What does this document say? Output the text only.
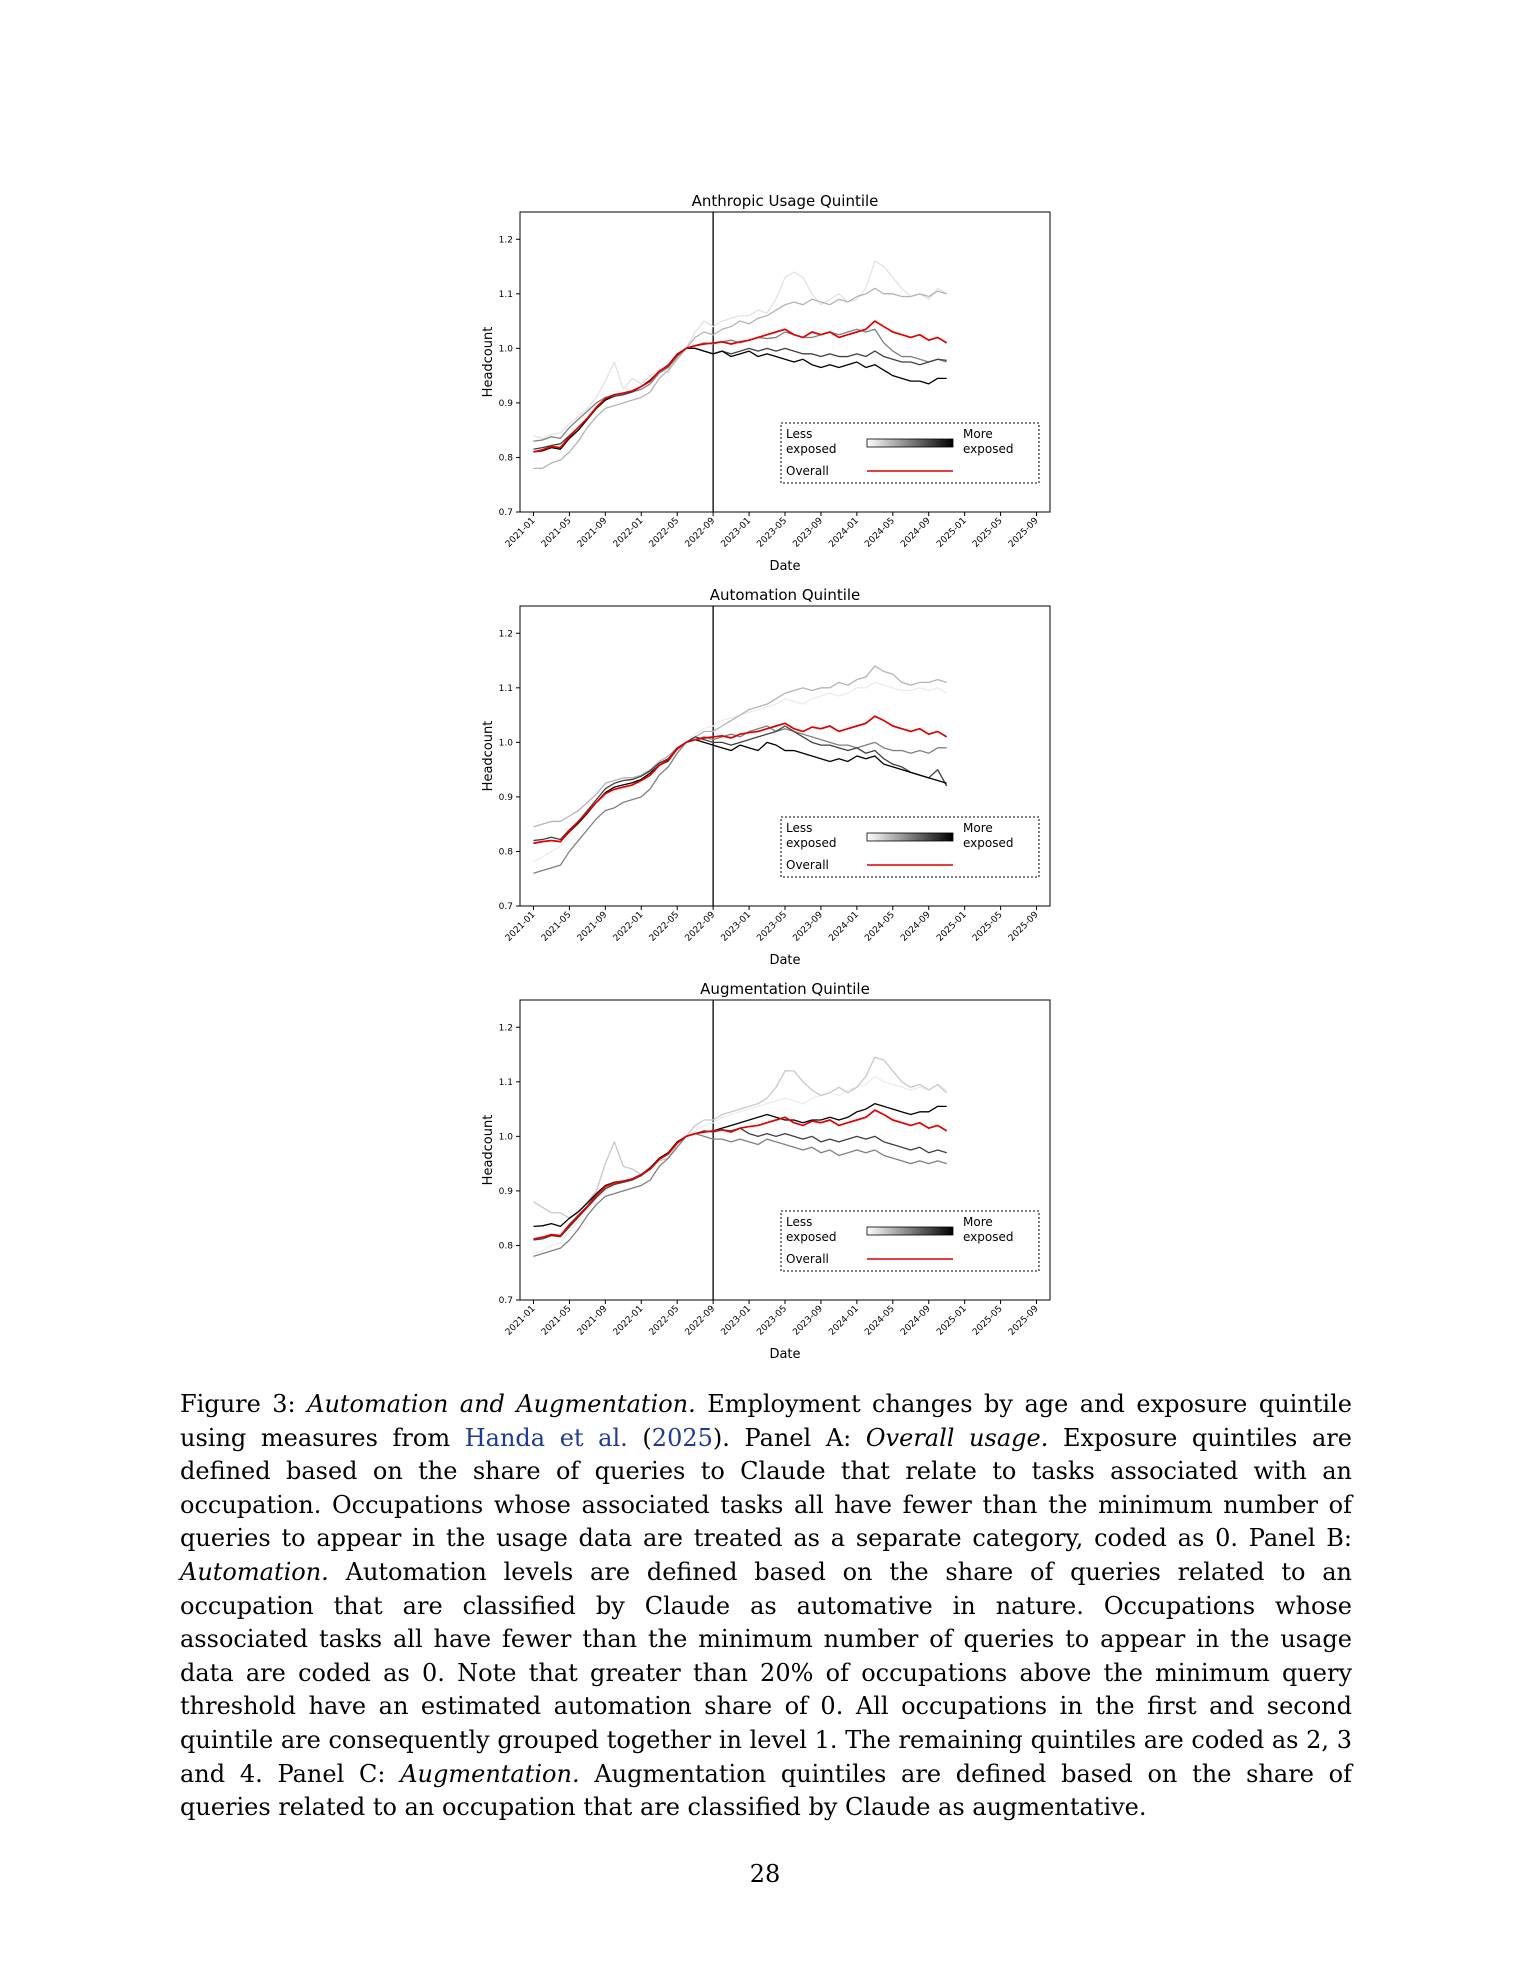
Anthropic Usage Quintile
0.7
0.8
0.9
1.0
1.1
1.2
2021-01 2021-05 2021-09 2022-01 2022-05 2022-09 2023-01 2023-05 2023-09 2024-01 2024-05 2024-09 2025-01 2025-05 2025-09
Date
Headcount
Less
exposed
More
exposed
Overall
Automation Quintile
0.7
0.8
0.9
1.0
1.1
1.2
2021-01 2021-05 2021-09 2022-01 2022-05 2022-09 2023-01 2023-05 2023-09 2024-01 2024-05 2024-09 2025-01 2025-05 2025-09
Date
Headcount
Less
exposed
More
exposed
Overall
Augmentation Quintile
0.7
0.8
0.9
1.0
1.1
1.2
2021-01 2021-05 2021-09 2022-01 2022-05 2022-09 2023-01 2023-05 2023-09 2024-01 2024-05 2024-09 2025-01 2025-05 2025-09
Date
Headcount
Less
exposed
More
exposed
Overall

Figure 3: Automation and Augmentation. Employment changes by age and exposure quintile using measures from Handa et al. (2025). Panel A: Overall usage. Exposure quintiles are defined based on the share of queries to Claude that relate to tasks associated with an occupation. Occupations whose associated tasks all have fewer than the minimum number of queries to appear in the usage data are treated as a separate category, coded as 0. Panel B: Automation. Automation levels are defined based on the share of queries related to an occupation that are classified by Claude as automative in nature. Occupations whose associated tasks all have fewer than the minimum number of queries to appear in the usage data are coded as 0. Note that greater than 20% of occupations above the minimum query threshold have an estimated automation share of 0. All occupations in the first and second quintile are consequently grouped together in level 1. The remaining quintiles are coded as 2, 3 and 4. Panel C: Augmentation. Augmentation quintiles are defined based on the share of queries related to an occupation that are classified by Claude as augmentative.

28
